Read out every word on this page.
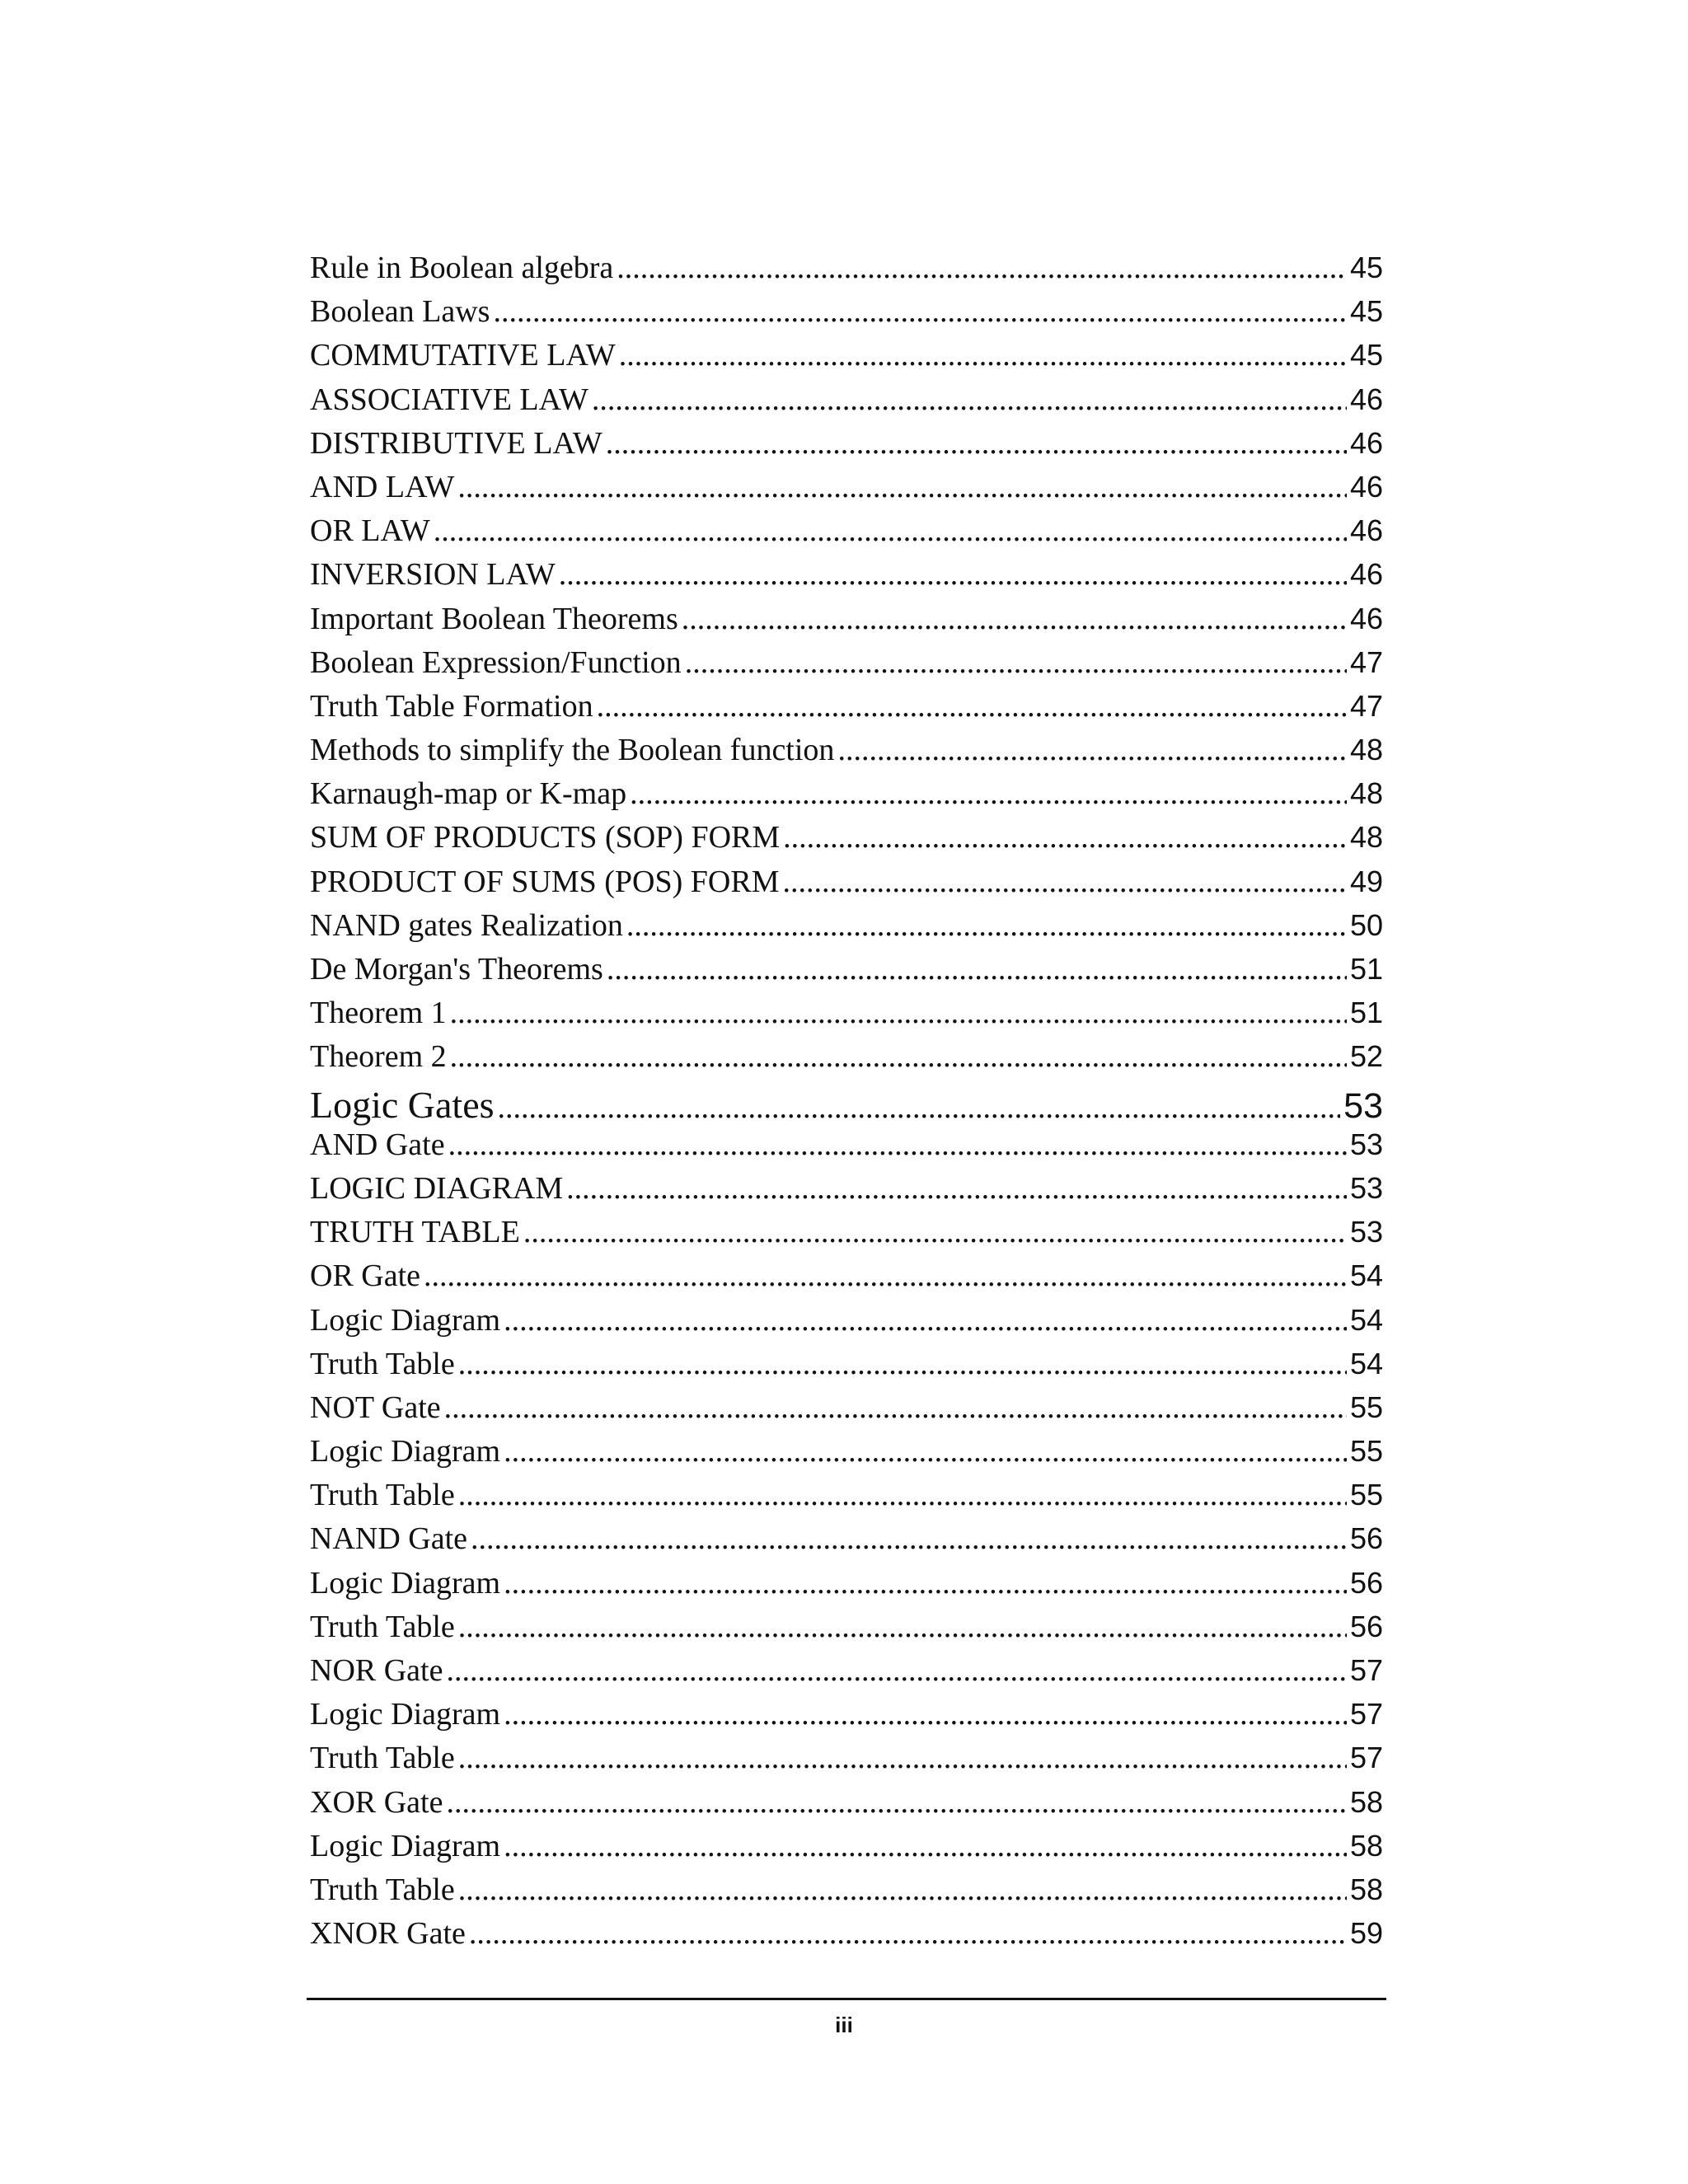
Rule in Boolean algebra .....	45
Boolean Laws .....	45
COMMUTATIVE LAW .....	45
ASSOCIATIVE LAW .....	46
DISTRIBUTIVE LAW .....	46
AND LAW .....	46
OR LAW .....	46
INVERSION LAW .....	46
Important Boolean Theorems .....	46
Boolean Expression/Function .....	47
Truth Table Formation .....	47
Methods to simplify the Boolean function .....	48
Karnaugh-map or K-map .....	48
SUM OF PRODUCTS (SOP) FORM .....	48
PRODUCT OF SUMS (POS) FORM .....	49
NAND gates Realization .....	50
De Morgan's Theorems .....	51
Theorem 1 .....	51
Theorem 2 .....	52
Logic Gates .....	53
AND Gate .....	53
LOGIC DIAGRAM .....	53
TRUTH TABLE .....	53
OR Gate .....	54
Logic Diagram .....	54
Truth Table .....	54
NOT Gate .....	55
Logic Diagram .....	55
Truth Table .....	55
NAND Gate .....	56
Logic Diagram .....	56
Truth Table .....	56
NOR Gate .....	57
Logic Diagram .....	57
Truth Table .....	57
XOR Gate .....	58
Logic Diagram .....	58
Truth Table .....	58
XNOR Gate .....	59
iii
